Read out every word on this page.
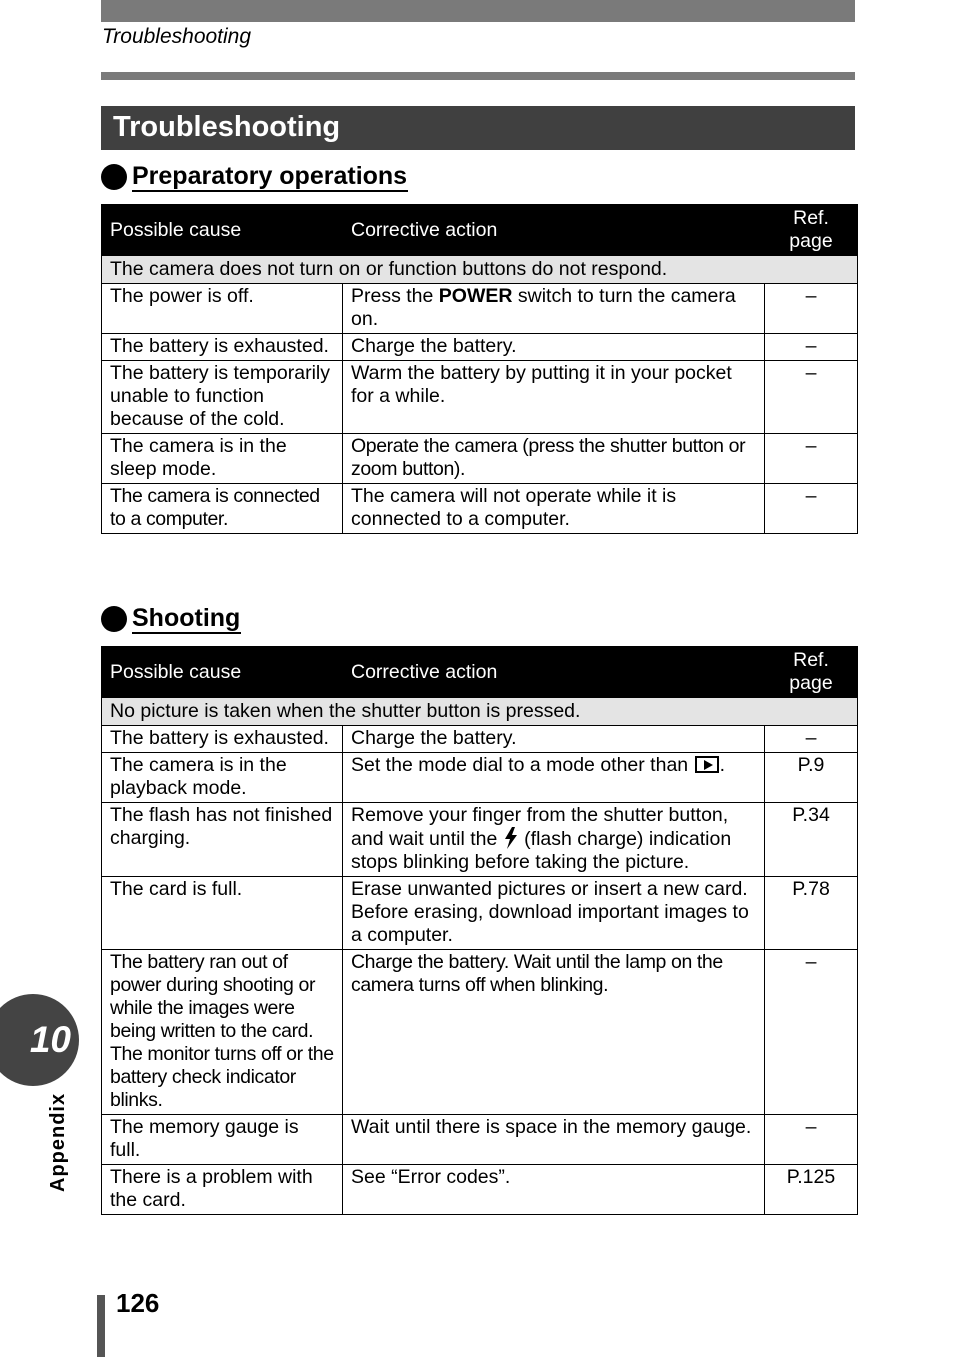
Troubleshooting
Troubleshooting
Preparatory operations
Possible cause	Corrective action	Ref. page
The camera does not turn on or function buttons do not respond.		
The power is off.	Press the POWER switch to turn the camera on.	–
The battery is exhausted.	Charge the battery.	–
The battery is temporarily unable to function because of the cold.	Warm the battery by putting it in your pocket for a while.	–
The camera is in the sleep mode.	Operate the camera (press the shutter button or zoom button).	–
The camera is connected to a computer.	The camera will not operate while it is connected to a computer.	–
Shooting
Possible cause	Corrective action	Ref. page
No picture is taken when the shutter button is pressed.		
The battery is exhausted.	Charge the battery.	–
The camera is in the playback mode.	Set the mode dial to a mode other than .	P.9
The flash has not finished charging.	Remove your finger from the shutter button, and wait until the  (flash charge) indication stops blinking before taking the picture.	P.34
The card is full.	Erase unwanted pictures or insert a new card. Before erasing, download important images to a computer.	P.78
The battery ran out of power during shooting or while the images were being written to the card. The monitor turns off or the battery check indicator blinks.	Charge the battery. Wait until the lamp on the camera turns off when blinking.	–
The memory gauge is full.	Wait until there is space in the memory gauge.	–
There is a problem with the card.	See “Error codes”.	P.125
10
Appendix
126
